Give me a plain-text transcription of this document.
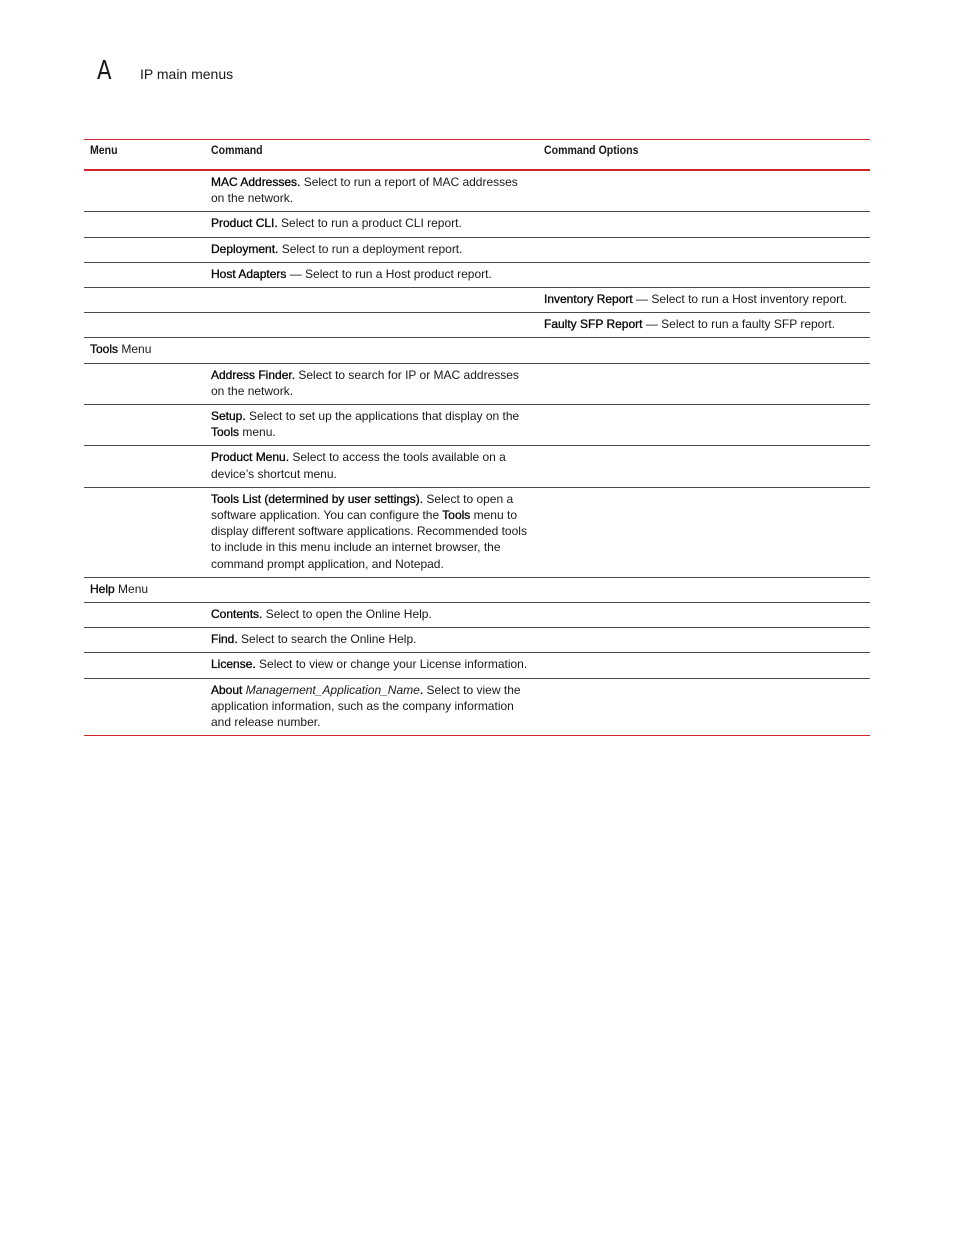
A IP main menus
Menu	Command	Command Options
	MAC Addresses. Select to run a report of MAC addresses on the network.	
	Product CLI. Select to run a product CLI report.	
	Deployment. Select to run a deployment report.	
	Host Adapters — Select to run a Host product report.	
		Inventory Report — Select to run a Host inventory report.
		Faulty SFP Report — Select to run a faulty SFP report.
Tools Menu		
	Address Finder. Select to search for IP or MAC addresses on the network.	
	Setup. Select to set up the applications that display on the Tools menu.	
	Product Menu. Select to access the tools available on a device’s shortcut menu.	
	Tools List (determined by user settings). Select to open a software application. You can configure the Tools menu to display different software applications. Recommended tools to include in this menu include an internet browser, the command prompt application, and Notepad.	
Help Menu		
	Contents. Select to open the Online Help.	
	Find. Select to search the Online Help.	
	License. Select to view or change your License information.	
	About Management_Application_Name. Select to view the application information, such as the company information and release number.	
